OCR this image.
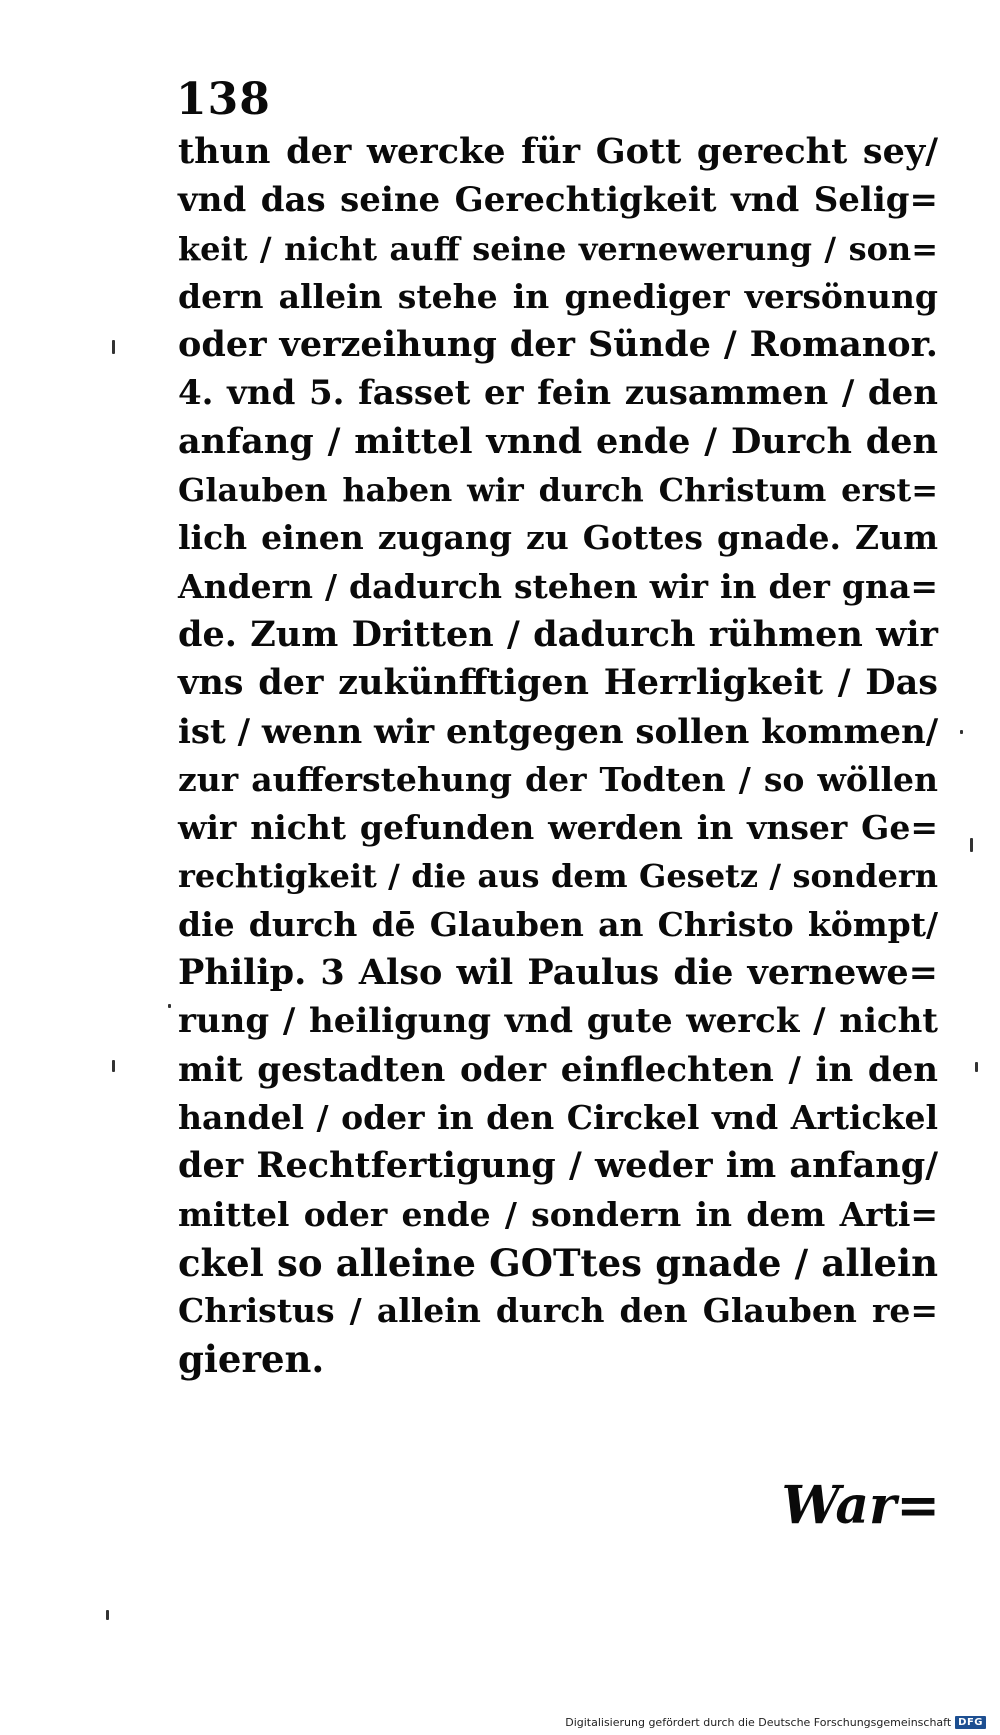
138
thun der wercke für Gott gerecht sey/
vnd das seine Gerechtigkeit vnd Selig=
keit / nicht auff seine vernewerung / son=
dern allein stehe in gnediger versönung
oder verzeihung der Sünde / Romanor.
4. vnd 5. fasset er fein zusammen / den
anfang / mittel vnnd ende / Durch den
Glauben haben wir durch Christum erst=
lich einen zugang zu Gottes gnade. Zum
Andern / dadurch stehen wir in der gna=
de. Zum Dritten / dadurch rühmen wir
vns der zukünfftigen Herrligkeit / Das
ist / wenn wir entgegen sollen kommen/
zur aufferstehung der Todten / so wöllen
wir nicht gefunden werden in vnser Ge=
rechtigkeit / die aus dem Gesetz / sondern
die durch dē Glauben an Christo kömpt/
Philip. 3 Also wil Paulus die vernewe=
rung / heiligung vnd gute werck / nicht
mit gestadten oder einflechten / in den
handel / oder in den Circkel vnd Artickel
der Rechtfertigung / weder im anfang/
mittel oder ende / sondern in dem Arti=
ckel so alleine GOTtes gnade / allein
Christus / allein durch den Glauben re=
gieren.
War=
Digitalisierung gefördert durch die Deutsche Forschungsgemeinschaft DFG
